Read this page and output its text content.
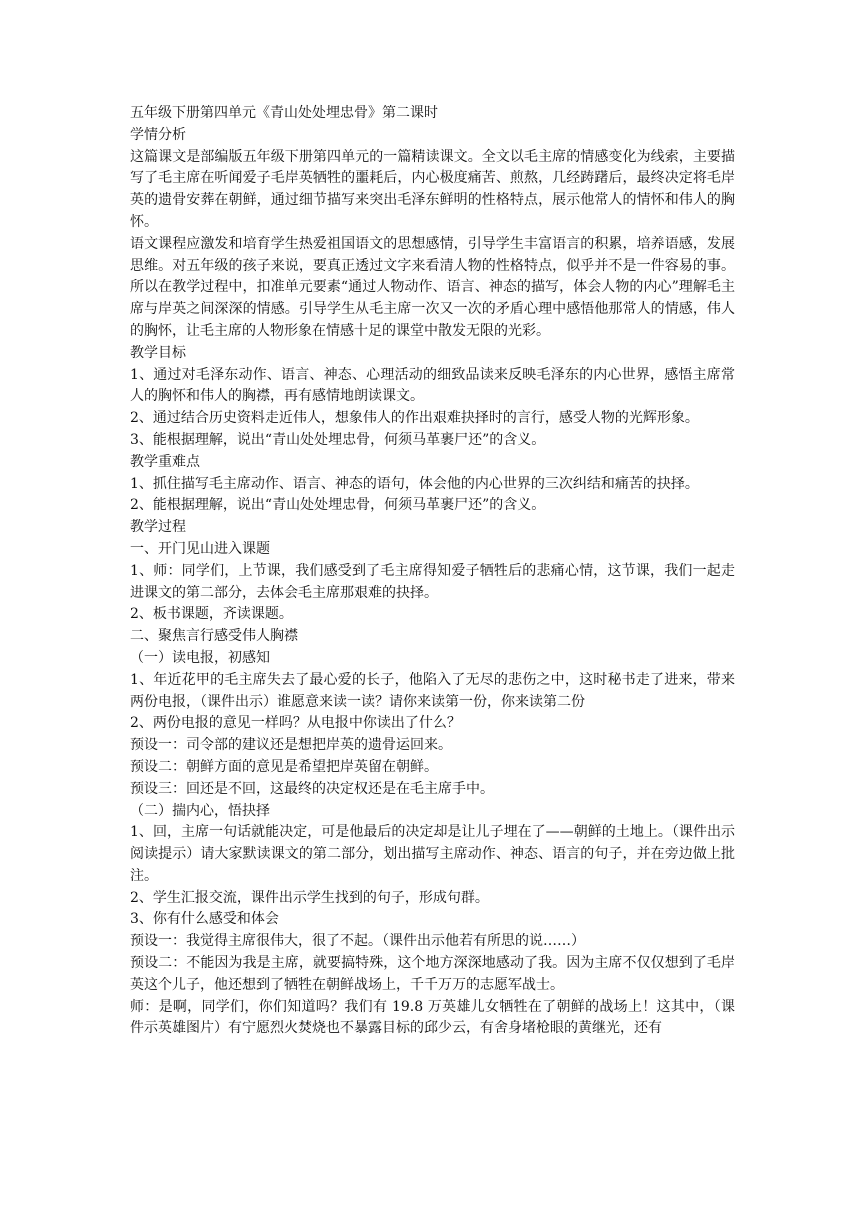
五年级下册第四单元《青山处处埋忠骨》第二课时

学情分析

这篇课文是部编版五年级下册第四单元的一篇精读课文。全文以毛主席的情感变化为线索，主要描写了毛主席在听闻爱子毛岸英牺牲的噩耗后，内心极度痛苦、煎熬，几经踌躇后，最终决定将毛岸英的遗骨安葬在朝鲜，通过细节描写来突出毛泽东鲜明的性格特点，展示他常人的情怀和伟人的胸怀。

语文课程应激发和培育学生热爱祖国语文的思想感情，引导学生丰富语言的积累，培养语感，发展思维。对五年级的孩子来说，要真正透过文字来看清人物的性格特点，似乎并不是一件容易的事。所以在教学过程中，扣准单元要素“通过人物动作、语言、神态的描写，体会人物的内心”理解毛主席与岸英之间深深的情感。引导学生从毛主席一次又一次的矛盾心理中感悟他那常人的情感，伟人的胸怀，让毛主席的人物形象在情感十足的课堂中散发无限的光彩。

教学目标

1、通过对毛泽东动作、语言、神态、心理活动的细致品读来反映毛泽东的内心世界，感悟主席常人的胸怀和伟人的胸襟，再有感情地朗读课文。

2、通过结合历史资料走近伟人，想象伟人的作出艰难抉择时的言行，感受人物的光辉形象。

3、能根据理解，说出“青山处处埋忠骨，何须马革裹尸还”的含义。

教学重难点

1、抓住描写毛主席动作、语言、神态的语句，体会他的内心世界的三次纠结和痛苦的抉择。

2、能根据理解，说出“青山处处埋忠骨，何须马革裹尸还”的含义。

教学过程

一、开门见山进入课题

1、师：同学们，上节课，我们感受到了毛主席得知爱子牺牲后的悲痛心情，这节课，我们一起走进课文的第二部分，去体会毛主席那艰难的抉择。

2、板书课题，齐读课题。

二、聚焦言行感受伟人胸襟

（一）读电报，初感知

1、年近花甲的毛主席失去了最心爱的长子，他陷入了无尽的悲伤之中，这时秘书走了进来，带来两份电报，（课件出示）谁愿意来读一读？请你来读第一份，你来读第二份

2、两份电报的意见一样吗？从电报中你读出了什么？

预设一：司令部的建议还是想把岸英的遗骨运回来。

预设二：朝鲜方面的意见是希望把岸英留在朝鲜。

预设三：回还是不回，这最终的决定权还是在毛主席手中。

（二）揣内心，悟抉择

1、回，主席一句话就能决定，可是他最后的决定却是让儿子埋在了——朝鲜的土地上。（课件出示阅读提示）请大家默读课文的第二部分，划出描写主席动作、神态、语言的句子，并在旁边做上批注。

2、学生汇报交流，课件出示学生找到的句子，形成句群。

3、你有什么感受和体会

预设一：我觉得主席很伟大，很了不起。（课件出示他若有所思的说……）

预设二：不能因为我是主席，就要搞特殊，这个地方深深地感动了我。因为主席不仅仅想到了毛岸英这个儿子，他还想到了牺牲在朝鲜战场上，千千万万的志愿军战士。

师：是啊，同学们，你们知道吗？我们有 19.8 万英雄儿女牺牲在了朝鲜的战场上！这其中，（课件示英雄图片）有宁愿烈火焚烧也不暴露目标的邱少云，有舍身堵枪眼的黄继光，还有
